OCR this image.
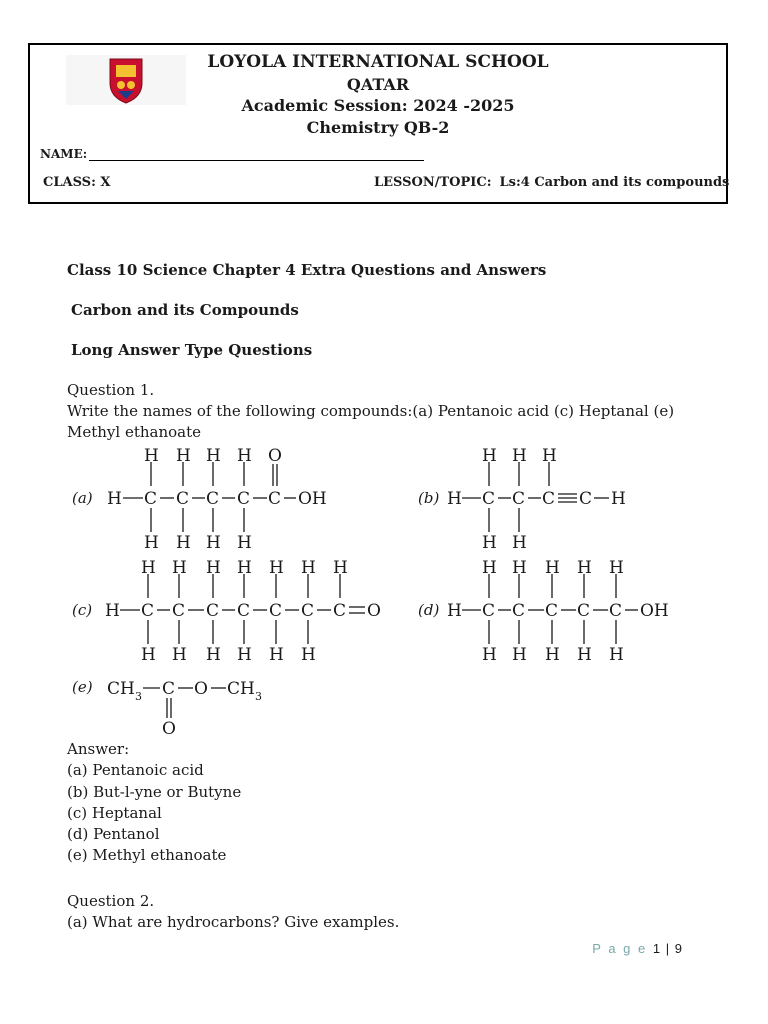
LOYOLA INTERNATIONAL SCHOOL
QATAR
Academic Session: 2024 -2025
Chemistry QB-2
NAME:
CLASS: X	LESSON/TOPIC: Ls:4 Carbon and its compounds
Class 10 Science Chapter 4 Extra Questions and Answers
Carbon and its Compounds
Long Answer Type Questions
Question 1.
Write the names of the following compounds:(a) Pentanoic acid (c) Heptanal (e)
Methyl ethanoate
(a) H C C C C C OH
H H H H O
H H H H
(b) H C C C C H
H H H
H H
(c) H C C C C C C C O
H H H H H H H
H H H H H H
(d) H C C C C C OH
H H H H H
H H H H H
(e) CH 3 C O CH 3
O
Answer:
(a) Pentanoic acid
(b) But-l-yne or Butyne
(c) Heptanal
(d) Pentanol
(e) Methyl ethanoate
Question 2.
(a) What are hydrocarbons? Give examples.
P a g e 1 | 9
